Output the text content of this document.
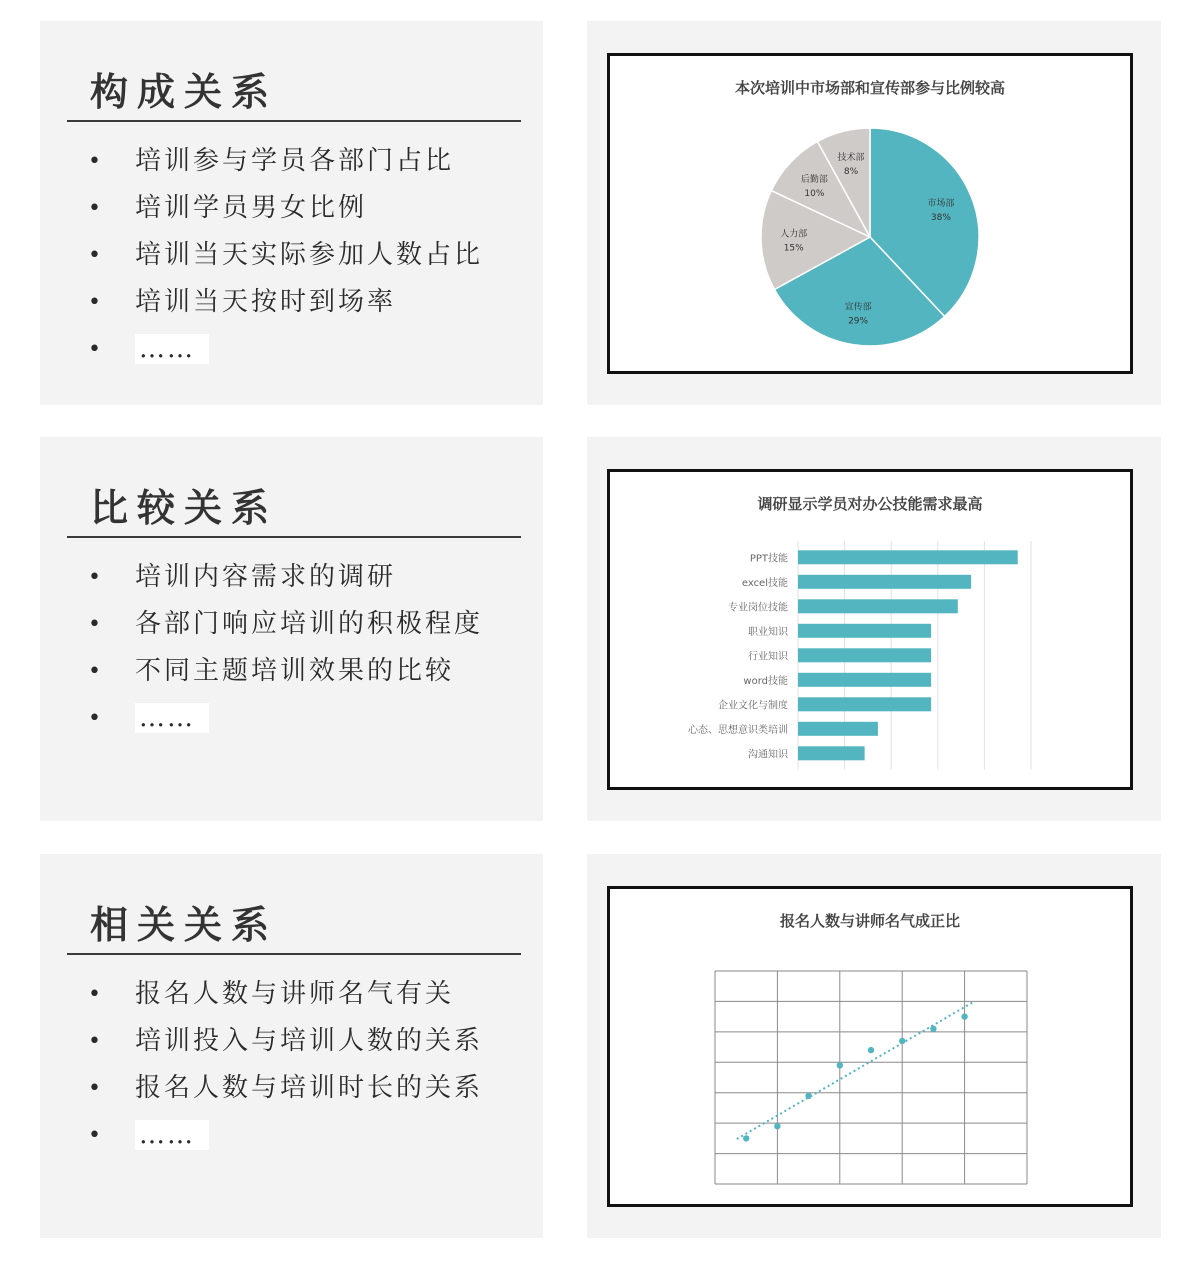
构成关系
• 培训参与学员各部门占比
• 培训学员男女比例
• 培训当天实际参加人数占比
• 培训当天按时到场率
• ……
本次培训中市场部和宣传部参与比例较高
市场部
38%
宣传部
29%
人力部
15%
后勤部
10%
技术部
8%
比较关系
• 培训内容需求的调研
• 各部门响应培训的积极程度
• 不同主题培训效果的比较
• ……
调研显示学员对办公技能需求最高
PPT技能
excel技能
专业岗位技能
职业知识
行业知识
word技能
企业文化与制度
心态、思想意识类培训
沟通知识
相关关系
• 报名人数与讲师名气有关
• 培训投入与培训人数的关系
• 报名人数与培训时长的关系
• ……
报名人数与讲师名气成正比
